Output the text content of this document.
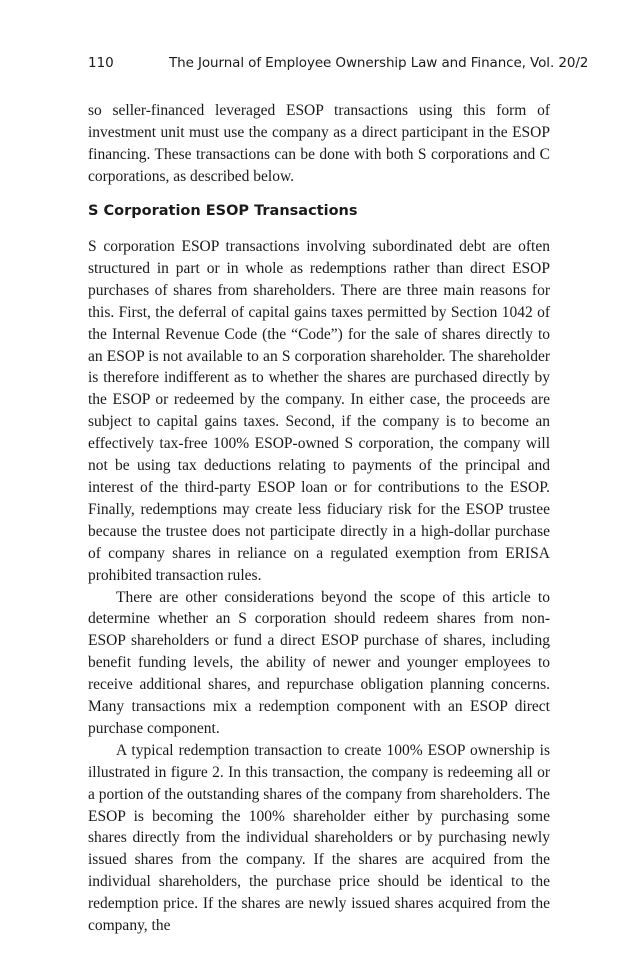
110	The Journal of Employee Ownership Law and Finance, Vol. 20/2

so seller-financed leveraged ESOP transactions using this form of investment unit must use the company as a direct participant in the ESOP financing. These transactions can be done with both S corporations and C corporations, as described below.

S Corporation ESOP Transactions

S corporation ESOP transactions involving subordinated debt are often structured in part or in whole as redemptions rather than direct ESOP purchases of shares from shareholders. There are three main reasons for this. First, the deferral of capital gains taxes permitted by Section 1042 of the Internal Revenue Code (the “Code”) for the sale of shares directly to an ESOP is not available to an S corporation shareholder. The shareholder is therefore indifferent as to whether the shares are purchased directly by the ESOP or redeemed by the company. In either case, the proceeds are subject to capital gains taxes. Second, if the company is to become an effectively tax-free 100% ESOP-owned S corporation, the company will not be using tax deductions relating to payments of the principal and interest of the third-party ESOP loan or for contributions to the ESOP. Finally, redemptions may create less fiduciary risk for the ESOP trustee because the trustee does not participate directly in a high-dollar purchase of company shares in reliance on a regulated exemption from ERISA prohibited transaction rules.

There are other considerations beyond the scope of this article to determine whether an S corporation should redeem shares from non-ESOP shareholders or fund a direct ESOP purchase of shares, including benefit funding levels, the ability of newer and younger employees to receive additional shares, and repurchase obligation planning concerns. Many transactions mix a redemption component with an ESOP direct purchase component.

A typical redemption transaction to create 100% ESOP ownership is illustrated in figure 2. In this transaction, the company is redeeming all or a portion of the outstanding shares of the company from shareholders. The ESOP is becoming the 100% shareholder either by purchasing some shares directly from the individual shareholders or by purchasing newly issued shares from the company. If the shares are acquired from the individual shareholders, the purchase price should be identical to the redemption price. If the shares are newly issued shares acquired from the company, the
